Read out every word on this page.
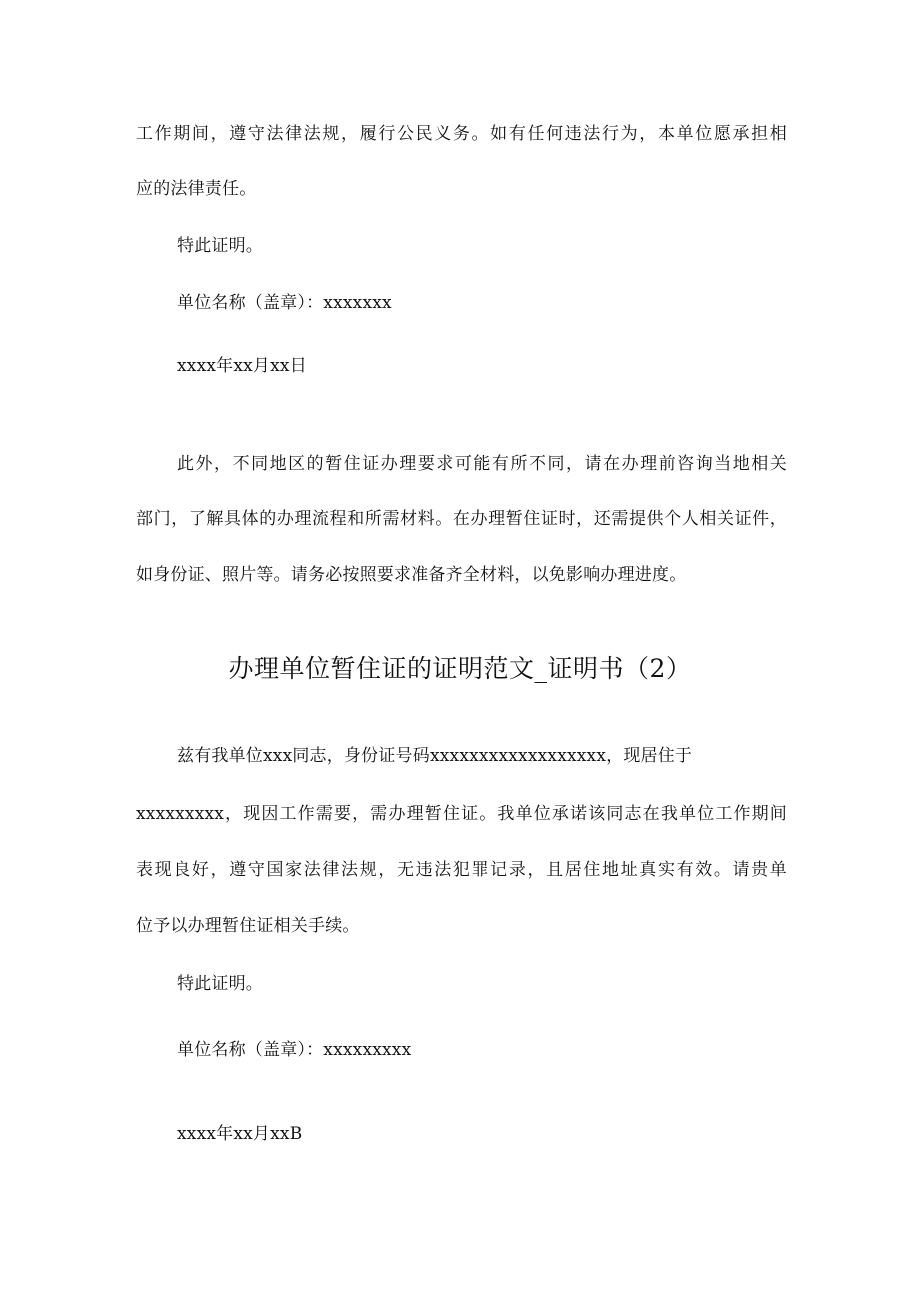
工作期间，遵守法律法规，履行公民义务。如有任何违法行为，本单位愿承担相
应的法律责任。
特此证明。
单位名称（盖章）：xxxxxxx
xxxx年xx月xx日
此外，不同地区的暂住证办理要求可能有所不同，请在办理前咨询当地相关
部门，了解具体的办理流程和所需材料。在办理暂住证时，还需提供个人相关证件，
如身份证、照片等。请务必按照要求准备齐全材料，以免影响办理进度。
办理单位暂住证的证明范文_证明书（2）
兹有我单位xxx同志，身份证号码xxxxxxxxxxxxxxxxxx，现居住于
xxxxxxxxx，现因工作需要，需办理暂住证。我单位承诺该同志在我单位工作期间
表现良好，遵守国家法律法规，无违法犯罪记录，且居住地址真实有效。请贵单
位予以办理暂住证相关手续。
特此证明。
单位名称（盖章）：xxxxxxxxx
xxxx年xx月xxB
